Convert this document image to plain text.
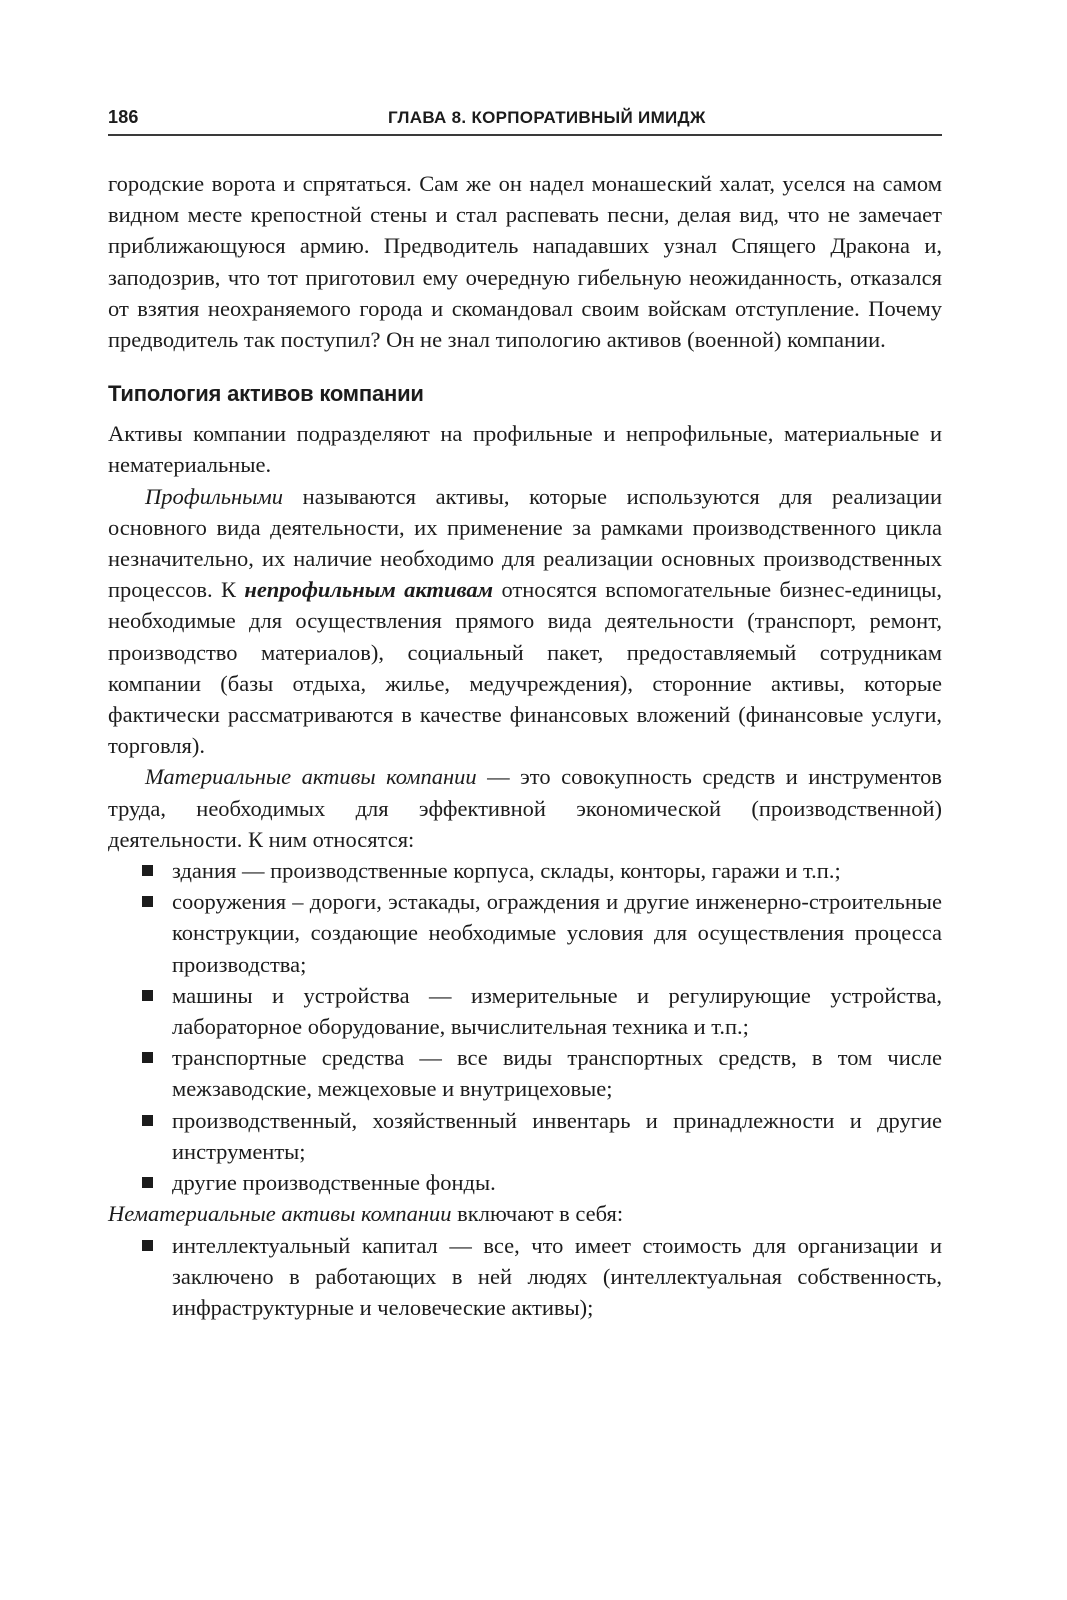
186	ГЛАВА 8. КОРПОРАТИВНЫЙ ИМИДЖ

городские ворота и спрятаться. Сам же он надел монашеский халат, уселся на самом видном месте крепостной стены и стал распевать песни, делая вид, что не замечает приближающуюся армию. Предводитель нападавших узнал Спящего Дракона и, заподозрив, что тот приготовил ему очередную гибельную неожиданность, отказался от взятия неохраняемого города и скомандовал своим войскам отступление. Почему предводитель так поступил? Он не знал типологию активов (военной) компании.

Типология активов компании

Активы компании подразделяют на профильные и непрофильные, материальные и нематериальные.

Профильными называются активы, которые используются для реализации основного вида деятельности, их применение за рамками производственного цикла незначительно, их наличие необходимо для реализации основных производственных процессов. К непрофильным активам относятся вспомогательные бизнес-единицы, необходимые для осуществления прямого вида деятельности (транспорт, ремонт, производство материалов), социальный пакет, предоставляемый сотрудникам компании (базы отдыха, жилье, медучреждения), сторонние активы, которые фактически рассматриваются в качестве финансовых вложений (финансовые услуги, торговля).

Материальные активы компании — это совокупность средств и инструментов труда, необходимых для эффективной экономической (производственной) деятельности. К ним относятся:

здания — производственные корпуса, склады, конторы, гаражи и т.п.;
сооружения – дороги, эстакады, ограждения и другие инженерно-строительные конструкции, создающие необходимые условия для осуществления процесса производства;
машины и устройства — измерительные и регулирующие устройства, лабораторное оборудование, вычислительная техника и т.п.;
транспортные средства — все виды транспортных средств, в том числе межзаводские, межцеховые и внутрицеховые;
производственный, хозяйственный инвентарь и принадлежности и другие инструменты;
другие производственные фонды.

Нематериальные активы компании включают в себя:

интеллектуальный капитал — все, что имеет стоимость для организации и заключено в работающих в ней людях (интеллектуальная собственность, инфраструктурные и человеческие активы);
